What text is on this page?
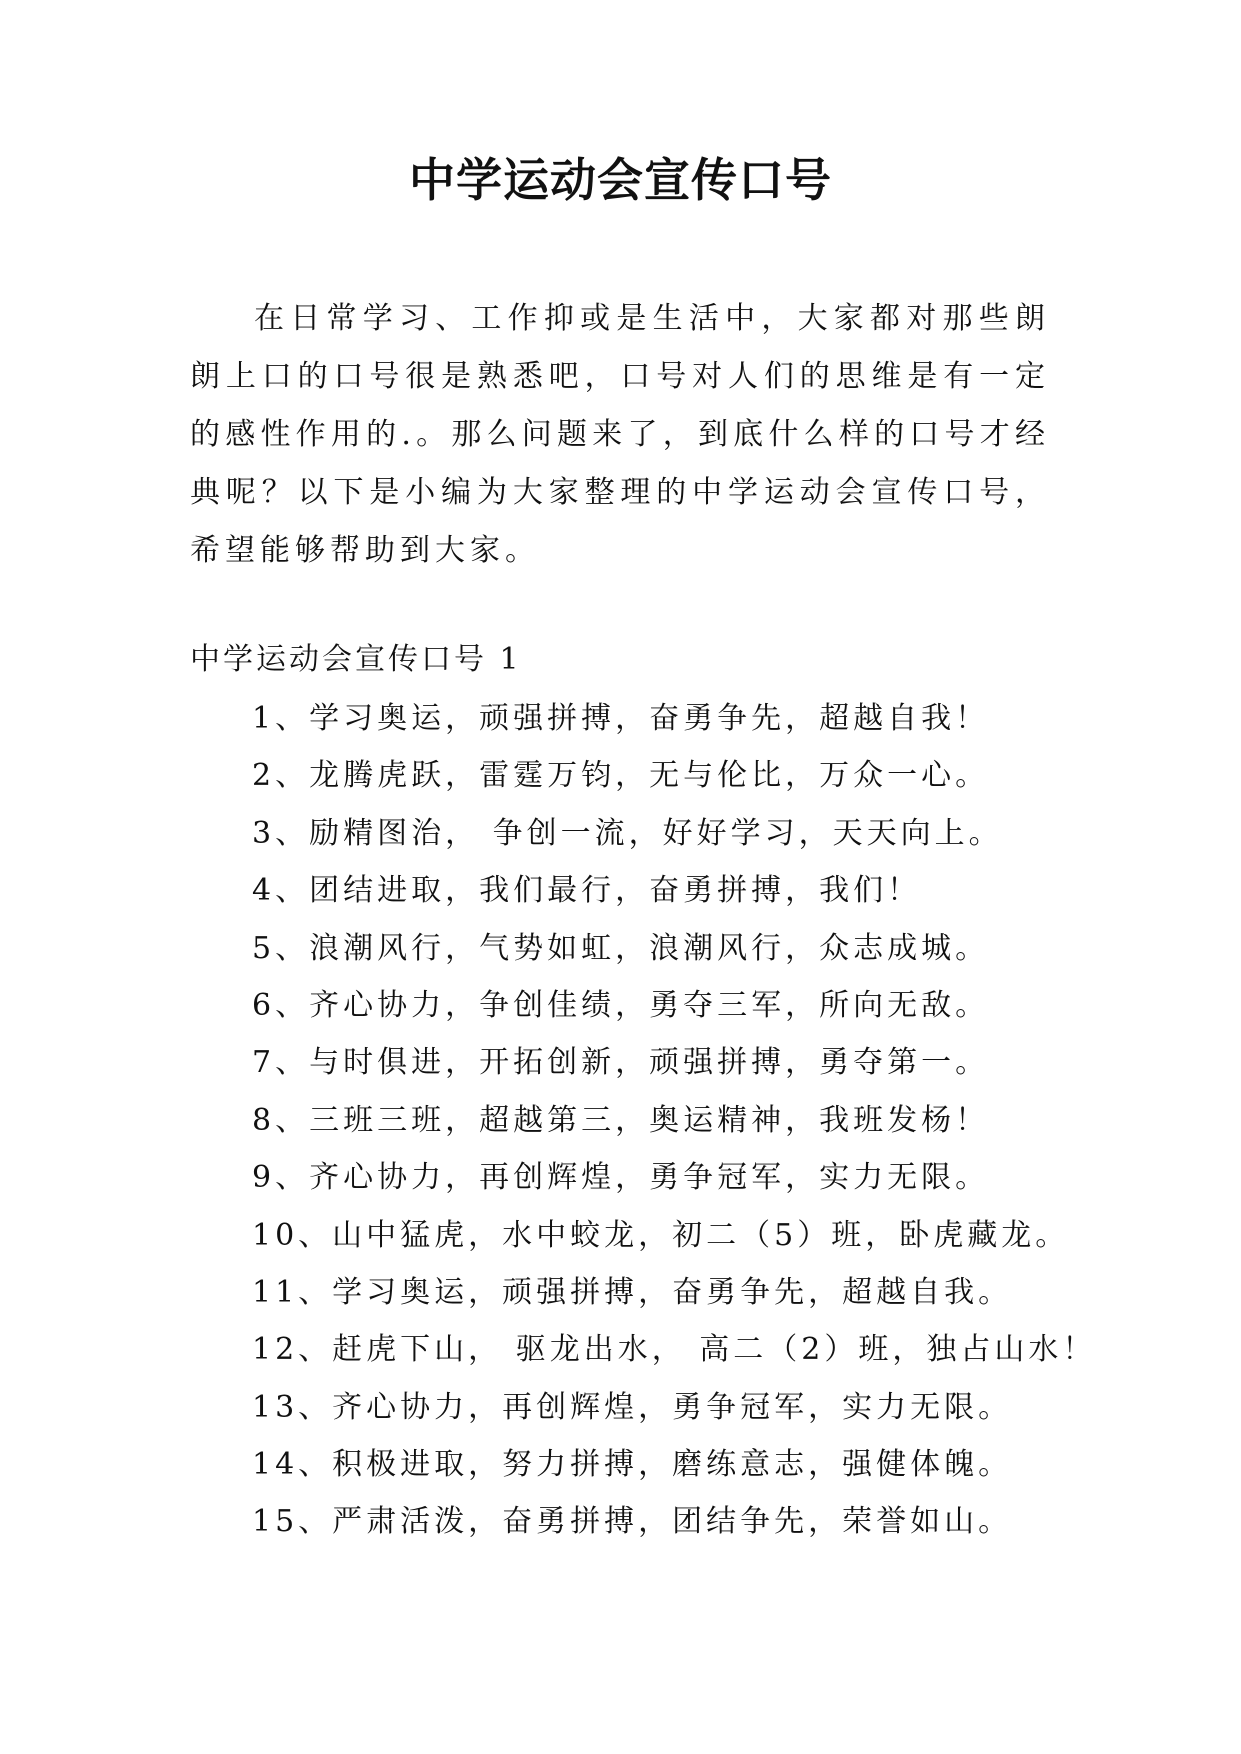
中学运动会宣传口号

在日常学习、工作抑或是生活中，大家都对那些朗朗上口的口号很是熟悉吧，口号对人们的思维是有一定的感性作用的.。那么问题来了，到底什么样的口号才经典呢？以下是小编为大家整理的中学运动会宣传口号，希望能够帮助到大家。

中学运动会宣传口号 1
1、学习奥运，顽强拼搏，奋勇争先，超越自我！
2、龙腾虎跃，雷霆万钧，无与伦比，万众一心。
3、励精图治， 争创一流，好好学习，天天向上。
4、团结进取，我们最行，奋勇拼搏，我们！
5、浪潮风行，气势如虹，浪潮风行，众志成城。
6、齐心协力，争创佳绩，勇夺三军，所向无敌。
7、与时俱进，开拓创新，顽强拼搏，勇夺第一。
8、三班三班，超越第三，奥运精神，我班发杨！
9、齐心协力，再创辉煌，勇争冠军，实力无限。
10、山中猛虎，水中蛟龙，初二（5）班，卧虎藏龙。
11、学习奥运，顽强拼搏，奋勇争先，超越自我。
12、赶虎下山， 驱龙出水， 高二（2）班，独占山水！
13、齐心协力，再创辉煌，勇争冠军，实力无限。
14、积极进取，努力拼搏，磨练意志，强健体魄。
15、严肃活泼，奋勇拼搏，团结争先，荣誉如山。
